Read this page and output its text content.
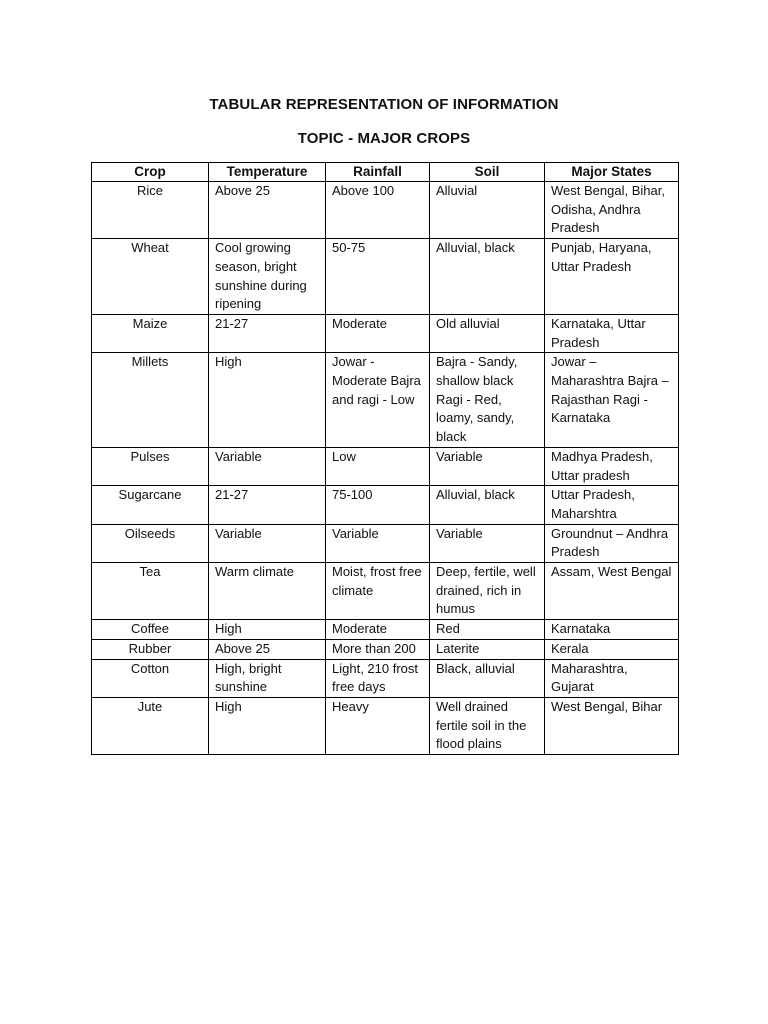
TABULAR REPRESENTATION OF INFORMATION
TOPIC - MAJOR CROPS
Crop	Temperature	Rainfall	Soil	Major States
Rice	Above 25	Above 100	Alluvial	West Bengal, Bihar, Odisha, Andhra Pradesh
Wheat	Cool growing season, bright sunshine during ripening	50-75	Alluvial, black	Punjab, Haryana, Uttar Pradesh
Maize	21-27	Moderate	Old alluvial	Karnataka, Uttar Pradesh
Millets	High	Jowar - Moderate Bajra and ragi - Low	Bajra - Sandy, shallow black Ragi - Red, loamy, sandy, black	Jowar – Maharashtra Bajra – Rajasthan Ragi - Karnataka
Pulses	Variable	Low	Variable	Madhya Pradesh, Uttar pradesh
Sugarcane	21-27	75-100	Alluvial, black	Uttar Pradesh, Maharshtra
Oilseeds	Variable	Variable	Variable	Groundnut – Andhra Pradesh
Tea	Warm climate	Moist, frost free climate	Deep, fertile, well drained, rich in humus	Assam, West Bengal
Coffee	High	Moderate	Red	Karnataka
Rubber	Above 25	More than 200	Laterite	Kerala
Cotton	High, bright sunshine	Light, 210 frost free days	Black, alluvial	Maharashtra, Gujarat
Jute	High	Heavy	Well drained fertile soil in the flood plains	West Bengal, Bihar
